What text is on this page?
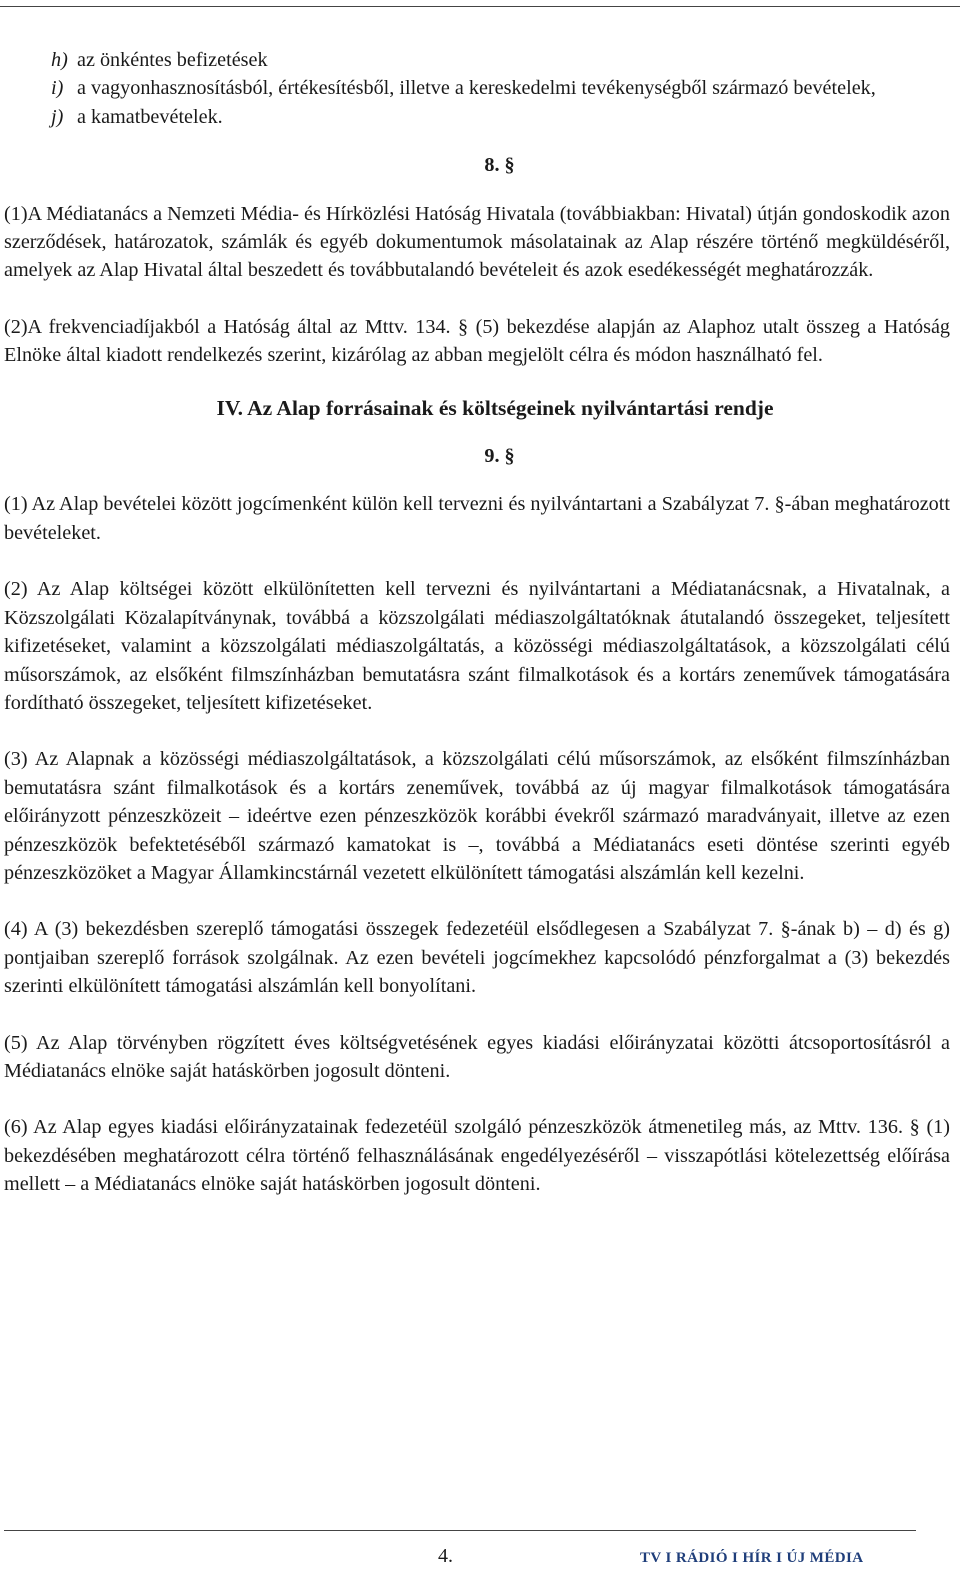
h) az önkéntes befizetések
i) a vagyonhasznosításból, értékesítésből, illetve a kereskedelmi tevékenységből származó bevételek,
j) a kamatbevételek.

8. §

(1)A Médiatanács a Nemzeti Média- és Hírközlési Hatóság Hivatala (továbbiakban: Hivatal) útján gondoskodik azon szerződések, határozatok, számlák és egyéb dokumentumok másolatainak az Alap részére történő megküldéséről, amelyek az Alap Hivatal által beszedett és továbbutalandó bevételeit és azok esedékességét meghatározzák.

(2)A frekvenciadíjakból a Hatóság által az Mttv. 134. § (5) bekezdése alapján az Alaphoz utalt összeg a Hatóság Elnöke által kiadott rendelkezés szerint, kizárólag az abban megjelölt célra és módon használható fel.

IV. Az Alap forrásainak és költségeinek nyilvántartási rendje

9. §

(1) Az Alap bevételei között jogcímenként külön kell tervezni és nyilvántartani a Szabályzat 7. §-ában meghatározott bevételeket.

(2) Az Alap költségei között elkülönítetten kell tervezni és nyilvántartani a Médiatanácsnak, a Hivatalnak, a Közszolgálati Közalapítványnak, továbbá a közszolgálati médiaszolgáltatóknak átutalandó összegeket, teljesített kifizetéseket, valamint a közszolgálati médiaszolgáltatás, a közösségi médiaszolgáltatások, a közszolgálati célú műsorszámok, az elsőként filmszínházban bemutatásra szánt filmalkotások és a kortárs zeneművek támogatására fordítható összegeket, teljesített kifizetéseket.

(3) Az Alapnak a közösségi médiaszolgáltatások, a közszolgálati célú műsorszámok, az elsőként filmszínházban bemutatásra szánt filmalkotások és a kortárs zeneművek, továbbá az új magyar filmalkotások támogatására előirányzott pénzeszközeit – ideértve ezen pénzeszközök korábbi évekről származó maradványait, illetve az ezen pénzeszközök befektetéséből származó kamatokat is –, továbbá a Médiatanács eseti döntése szerinti egyéb pénzeszközöket a Magyar Államkincstárnál vezetett elkülönített támogatási alszámlán kell kezelni.

(4) A (3) bekezdésben szereplő támogatási összegek fedezetéül elsődlegesen a Szabályzat 7. §-ának b) – d) és g) pontjaiban szereplő források szolgálnak. Az ezen bevételi jogcímekhez kapcsolódó pénzforgalmat a (3) bekezdés szerinti elkülönített támogatási alszámlán kell bonyolítani.

(5) Az Alap törvényben rögzített éves költségvetésének egyes kiadási előirányzatai közötti átcsoportosításról a Médiatanács elnöke saját hatáskörben jogosult dönteni.

(6) Az Alap egyes kiadási előirányzatainak fedezetéül szolgáló pénzeszközök átmenetileg más, az Mttv. 136. § (1) bekezdésében meghatározott célra történő felhasználásának engedélyezéséről – visszapótlási kötelezettség előírása mellett – a Médiatanács elnöke saját hatáskörben jogosult dönteni.

4.	TV I RÁDIÓ I HÍR I ÚJ MÉDIA
